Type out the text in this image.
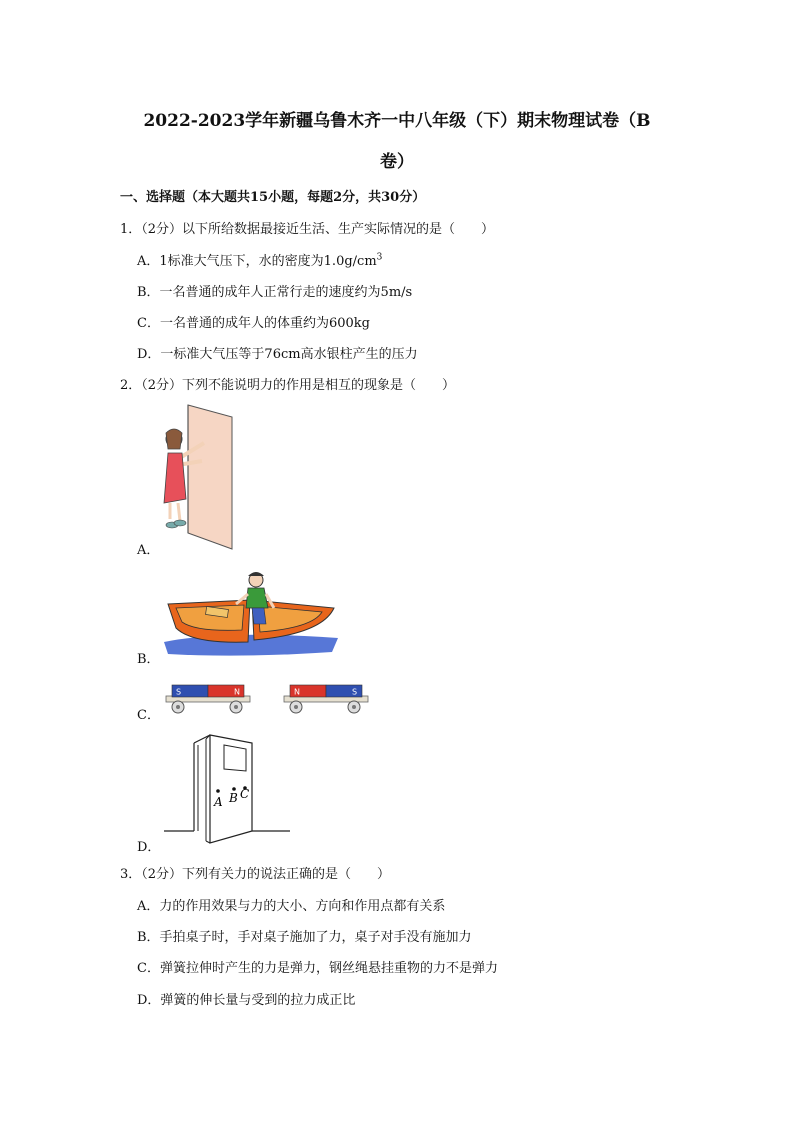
2022-2023学年新疆乌鲁木齐一中八年级（下）期末物理试卷（B
卷）
一、选择题（本大题共15小题，每题2分，共30分）
1．（2分）以下所给数据最接近生活、生产实际情况的是（　　）
A．1标准大气压下，水的密度为$1.0g/cm^3$
B．一名普通的成年人正常行走的速度约为5m/s
C．一名普通的成年人的体重约为600kg
D．一标准大气压等于76cm高水银柱产生的压力
2．（2分）下列不能说明力的作用是相互的现象是（　　）
A．
B．
C．
S	N	N	S
D．
A B C
3．（2分）下列有关力的说法正确的是（　　）
A．力的作用效果与力的大小、方向和作用点都有关系
B．手拍桌子时，手对桌子施加了力，桌子对手没有施加力
C．弹簧拉伸时产生的力是弹力，钢丝绳悬挂重物的力不是弹力
D．弹簧的伸长量与受到的拉力成正比
